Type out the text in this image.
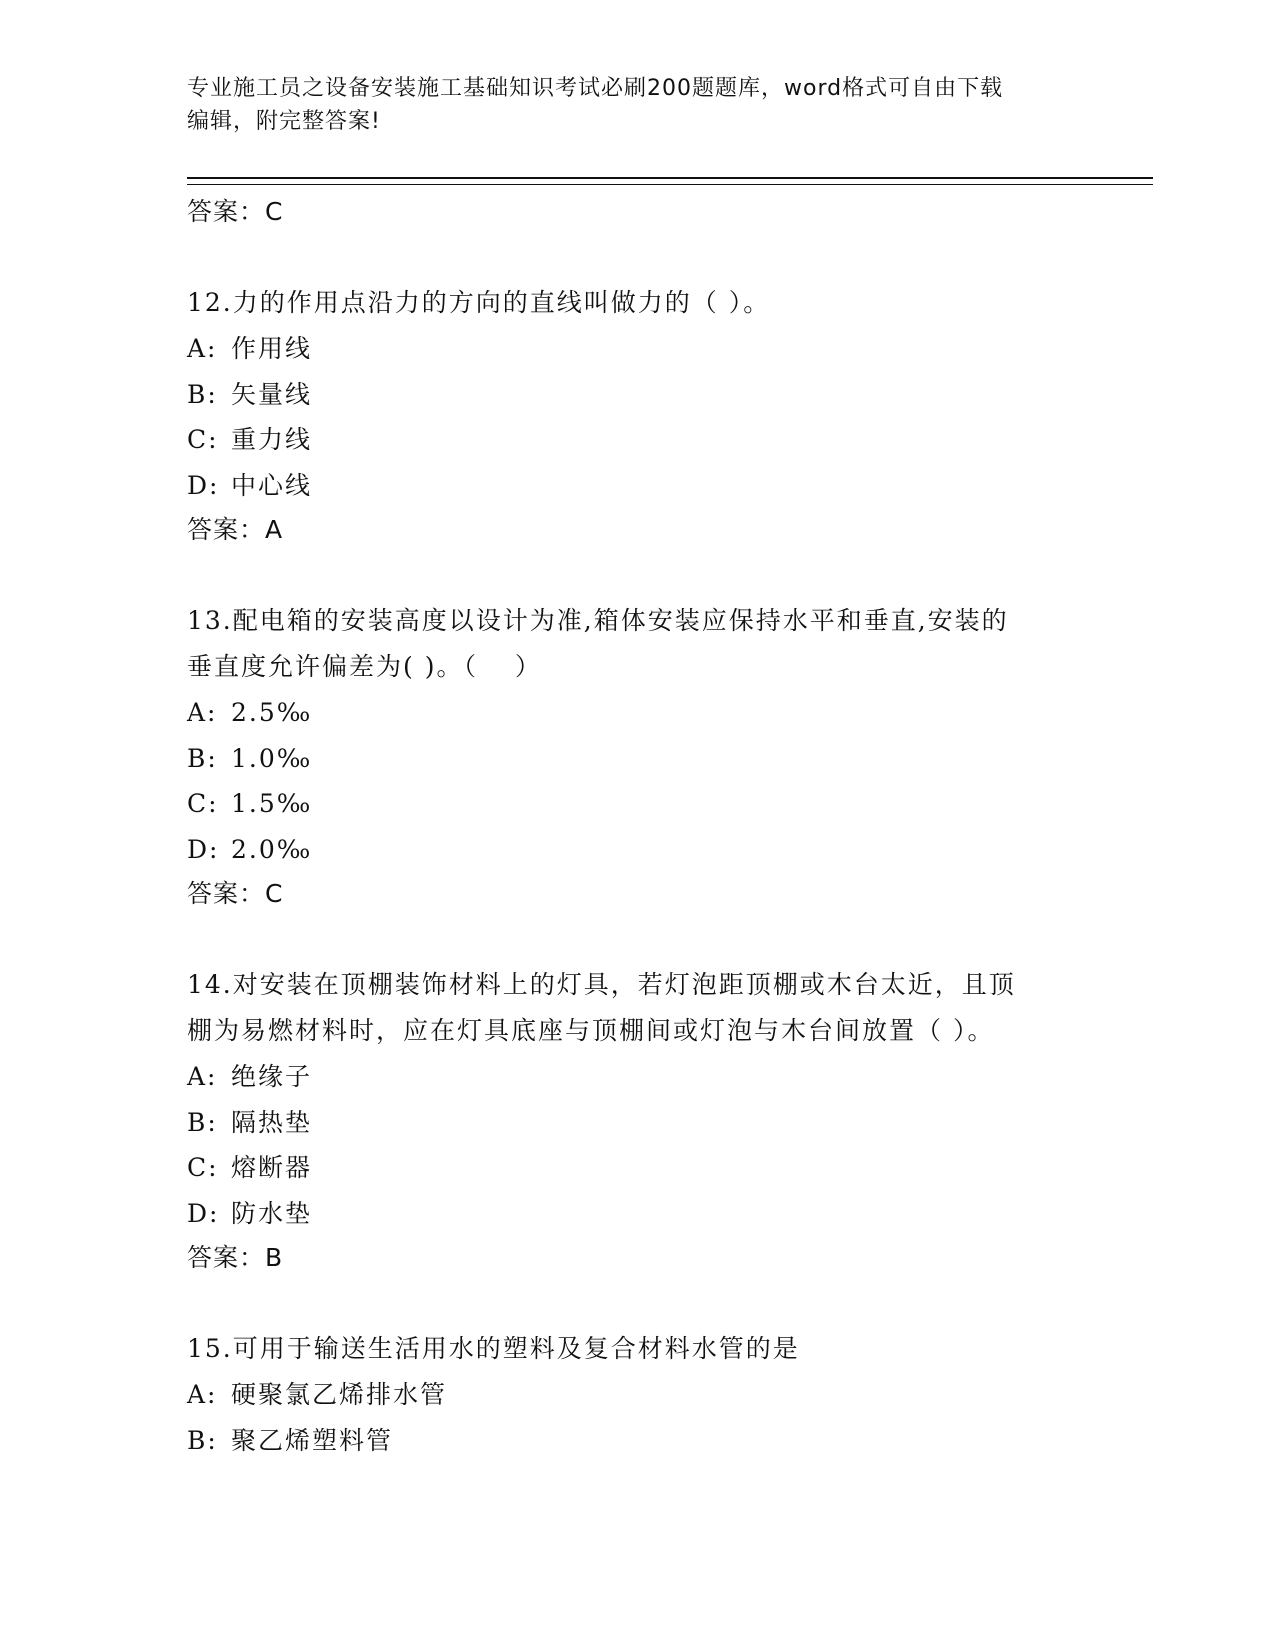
专业施工员之设备安装施工基础知识考试必刷200题题库，word格式可自由下载
编辑，附完整答案!
答案：C
12.力的作用点沿力的方向的直线叫做力的（ ）。
A: 作用线
B: 矢量线
C: 重力线
D: 中心线
答案：A
13.配电箱的安装高度以设计为准,箱体安装应保持水平和垂直,安装的
垂直度允许偏差为( )。（　 ）
A: 2.5‰
B: 1.0‰
C: 1.5‰
D: 2.0‰
答案：C
14.对安装在顶棚装饰材料上的灯具，若灯泡距顶棚或木台太近，且顶
棚为易燃材料时，应在灯具底座与顶棚间或灯泡与木台间放置（ ）。
A: 绝缘子
B: 隔热垫
C: 熔断器
D: 防水垫
答案：B
15.可用于输送生活用水的塑料及复合材料水管的是
A: 硬聚氯乙烯排水管
B: 聚乙烯塑料管
